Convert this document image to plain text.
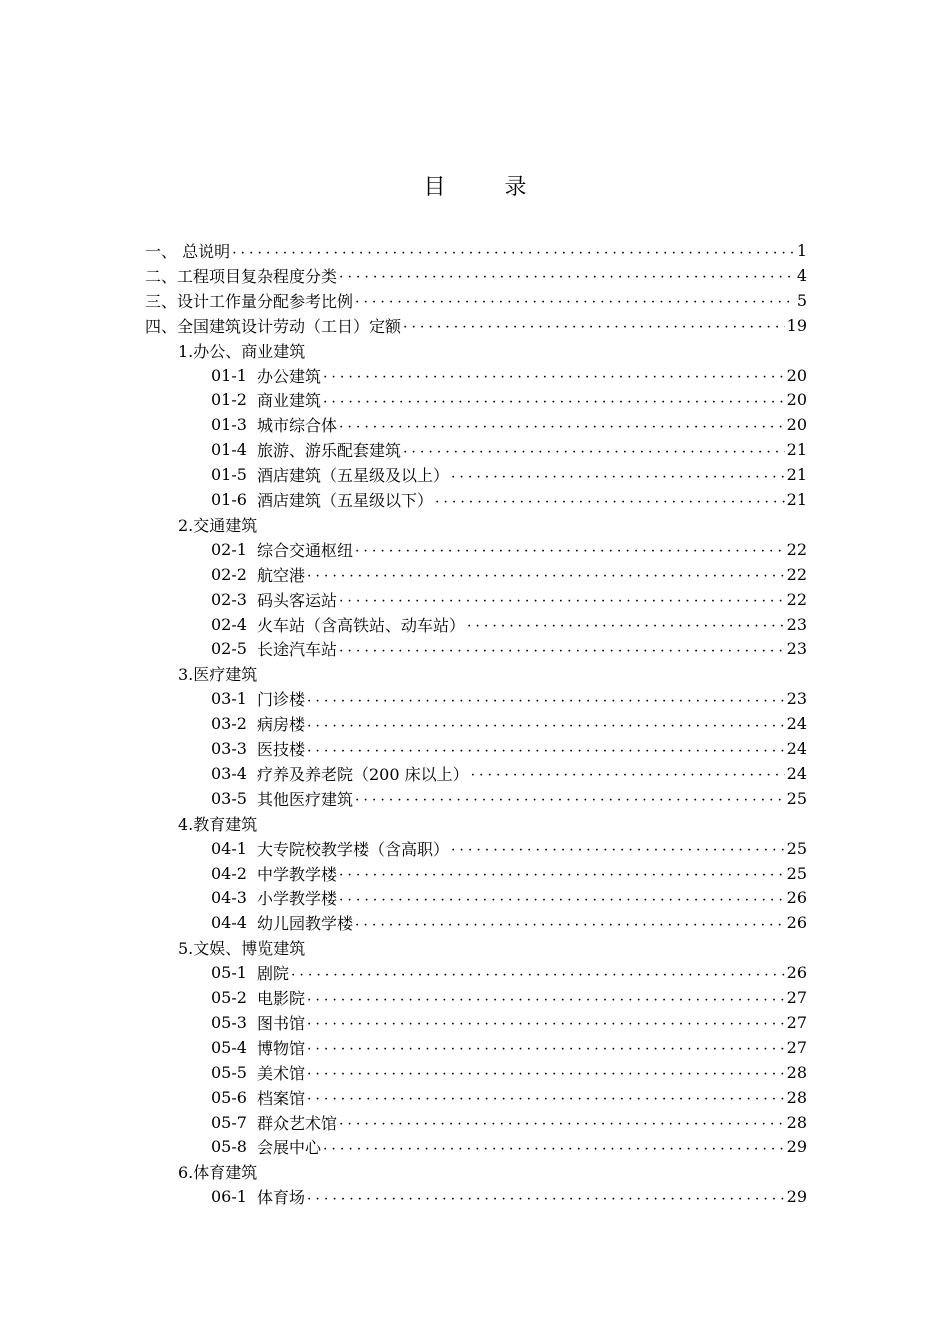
目 录
一、 总说明 .....	1
二、工程项目复杂程度分类 .....	4
三、设计工作量分配参考比例 .....	5
四、全国建筑设计劳动（工日）定额 .....	19
1.办公、商业建筑
01-1 办公建筑 .....	20
01-2 商业建筑 .....	20
01-3 城市综合体 .....	20
01-4 旅游、游乐配套建筑 .....	21
01-5 酒店建筑（五星级及以上） .....	21
01-6 酒店建筑（五星级以下） .....	21
2.交通建筑
02-1 综合交通枢纽 .....	22
02-2 航空港 .....	22
02-3 码头客运站 .....	22
02-4 火车站（含高铁站、动车站） .....	23
02-5 长途汽车站 .....	23
3.医疗建筑
03-1 门诊楼 .....	23
03-2 病房楼 .....	24
03-3 医技楼 .....	24
03-4 疗养及养老院（200 床以上） .....	24
03-5 其他医疗建筑 .....	25
4.教育建筑
04-1 大专院校教学楼（含高职） .....	25
04-2 中学教学楼 .....	25
04-3 小学教学楼 .....	26
04-4 幼儿园教学楼 .....	26
5.文娱、博览建筑
05-1 剧院 .....	26
05-2 电影院 .....	27
05-3 图书馆 .....	27
05-4 博物馆 .....	27
05-5 美术馆 .....	28
05-6 档案馆 .....	28
05-7 群众艺术馆 .....	28
05-8 会展中心 .....	29
6.体育建筑
06-1 体育场 .....	29
